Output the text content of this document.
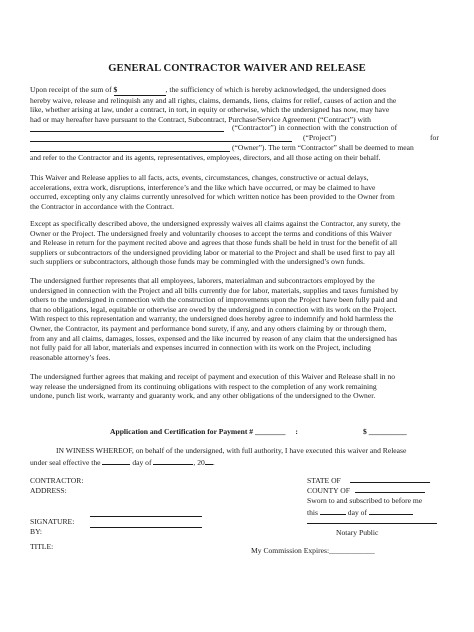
GENERAL CONTRACTOR WAIVER AND RELEASE
Upon receipt of the sum of $	, the sufficiency of which is hereby acknowledged, the undersigned does
hereby waive, release and relinquish any and all rights, claims, demands, liens, claims for relief, causes of action and the
like, whether arising at law, under a contract, in tort, in equity or otherwise, which the undersigned has now, may have
had or may hereafter have pursuant to the Contract, Subcontract, Purchase/Service Agreement (“Contract”) with
(“Contractor”) in connection with the construction of
(“Project”)	for
(“Owner”). The term “Contractor” shall be deemed to mean
and refer to the Contractor and its agents, representatives, employees, directors, and all those acting on their behalf.
This Waiver and Release applies to all facts, acts, events, circumstances, changes, constructive or actual delays,
accelerations, extra work, disruptions, interference’s and the like which have occurred, or may be claimed to have
occurred, excepting only any claims currently unresolved for which written notice has been provided to the Owner from
the Contractor in accordance with the Contract.
Except as specifically described above, the undersigned expressly waives all claims against the Contractor, any surety, the
Owner or the Project. The undersigned freely and voluntarily chooses to accept the terms and conditions of this Waiver
and Release in return for the payment recited above and agrees that those funds shall be held in trust for the benefit of all
suppliers or subcontractors of the undersigned providing labor or material to the Project and shall be used first to pay all
such suppliers or subcontractors, although those funds may be commingled with the undersigned’s own funds.
The undersigned further represents that all employees, laborers, materialman and subcontractors employed by the
undersigned in connection with the Project and all bills currently due for labor, materials, supplies and taxes furnished by
others to the undersigned in connection with the construction of improvements upon the Project have been fully paid and
that no obligations, legal, equitable or otherwise are owed by the undersigned in connection with its work on the Project.
With respect to this representation and warranty, the undersigned does hereby agree to indemnify and hold harmless the
Owner, the Contractor, its payment and performance bond surety, if any, and any others claiming by or through them,
from any and all claims, damages, losses, expensed and the like incurred by reason of any claim that the undersigned has
not fully paid for all labor, materials and expenses incurred in connection with its work on the Project, including
reasonable attorney’s fees.
The undersigned further agrees that making and receipt of payment and execution of this Waiver and Release shall in no
way release the undersigned from its continuing obligations with respect to the completion of any work remaining
undone, punch list work, warranty and guaranty work, and any other obligations of the undersigned to the Owner.
Application and Certification for Payment # ________ :	$ __________
IN WINESS WHEREOF, on behalf of the undersigned, with full authority, I have executed this waiver and Release
under seal effective the	day of	, 20 .
CONTRACTOR:
ADDRESS:
SIGNATURE:
BY:
TITLE:
STATE OF
COUNTY OF
Sworn to and subscribed to before me
this	day of
Notary Public
My Commission Expires:____________
